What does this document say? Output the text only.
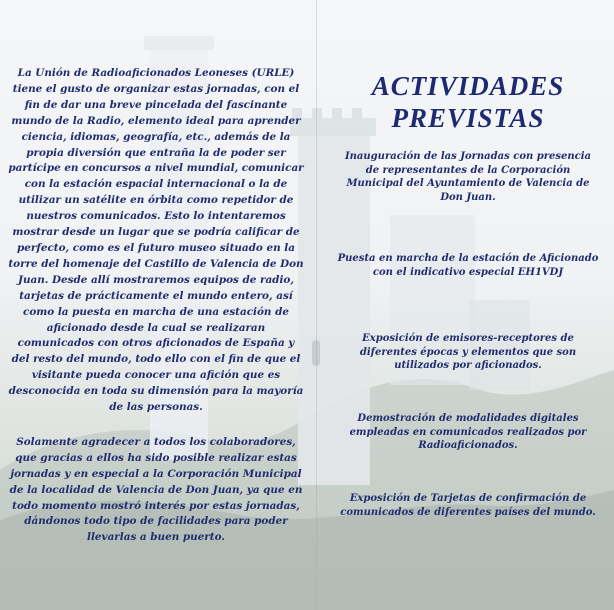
La Unión de Radioaficionados Leoneses (URLE) tiene el gusto de organizar estas jornadas, con el fin de dar una breve pincelada del fascinante mundo de la Radio, elemento ideal para aprender ciencia, idiomas, geografía, etc., además de la propia diversión que entraña la de poder ser partícipe en concursos a nivel mundial, comunicar con la estación espacial internacional o la de utilizar un satélite en órbita como repetidor de nuestros comunicados. Esto lo intentaremos mostrar desde un lugar que se podría calificar de perfecto, como es el futuro museo situado en la torre del homenaje del Castillo de Valencia de Don Juan. Desde allí mostraremos equipos de radio, tarjetas de prácticamente el mundo entero, así como la puesta en marcha de una estación de aficionado desde la cual se realizaran comunicados con otros aficionados de España y del resto del mundo, todo ello con el fin de que el visitante pueda conocer una afición que es desconocida en toda su dimensión para la mayoría de las personas.

Solamente agradecer a todos los colaboradores, que gracias a ellos ha sido posible realizar estas jornadas y en especial a la Corporación Municipal de la localidad de Valencia de Don Juan, ya que en todo momento mostró interés por estas jornadas, dándonos todo tipo de facilidades para poder llevarlas a buen puerto.

ACTIVIDADES
PREVISTAS
Inauguración de las Jornadas con presencia de representantes de la Corporación Municipal del Ayuntamiento de Valencia de Don Juan.
Puesta en marcha de la estación de Aficionado con el indicativo especial EH1VDJ
Exposición de emisores-receptores de diferentes épocas y elementos que son utilizados por aficionados.
Demostración de modalidades digitales empleadas en comunicados realizados por Radioaficionados.
Exposición de Tarjetas de confirmación de comunicados de diferentes países del mundo.
